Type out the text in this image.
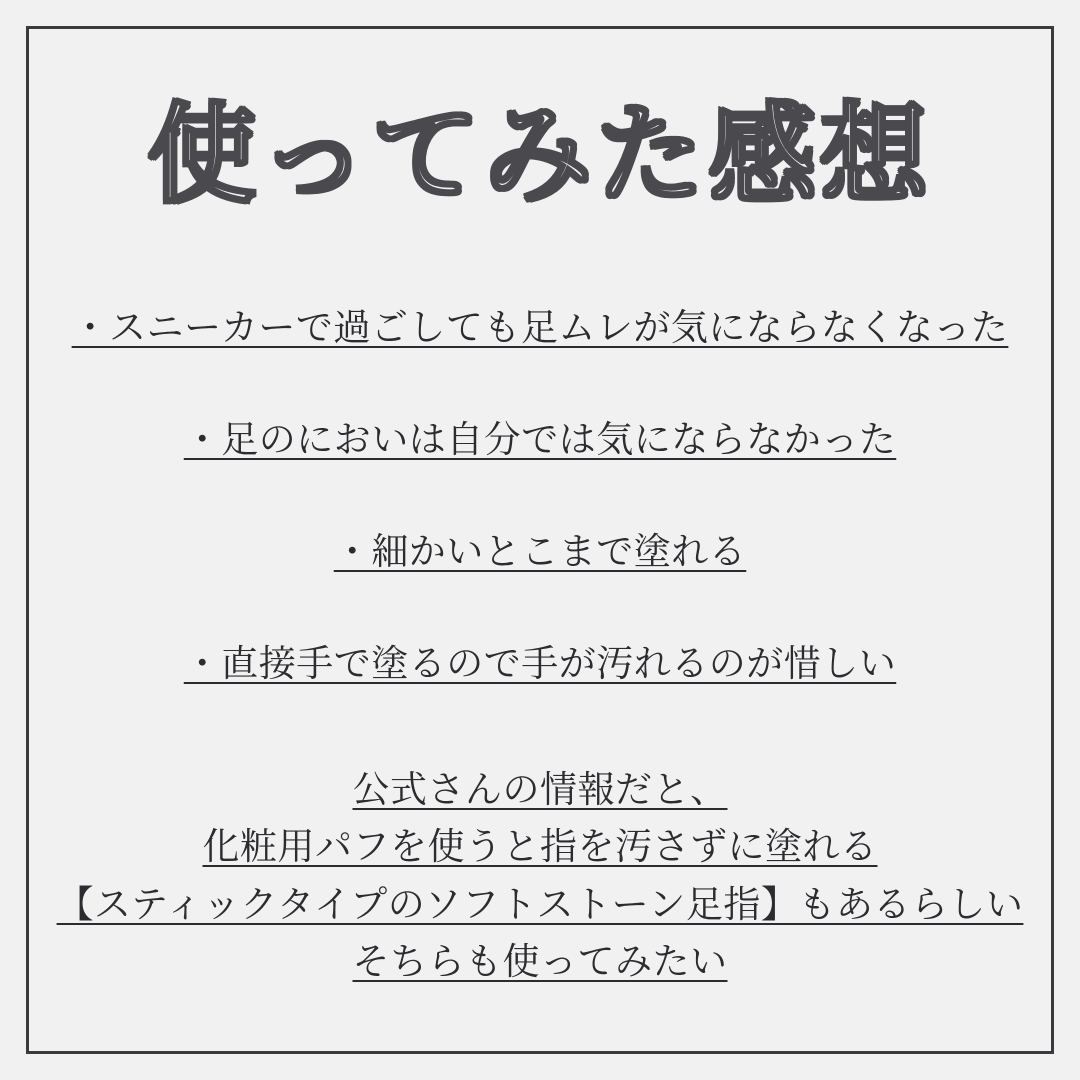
使ってみた感想
・スニーカーで過ごしても足ムレが気にならなくなった
・足のにおいは自分では気にならなかった
・細かいとこまで塗れる
・直接手で塗るので手が汚れるのが惜しい
公式さんの情報だと、
化粧用パフを使うと指を汚さずに塗れる
【スティックタイプのソフトストーン足指】もあるらしい
そちらも使ってみたい
